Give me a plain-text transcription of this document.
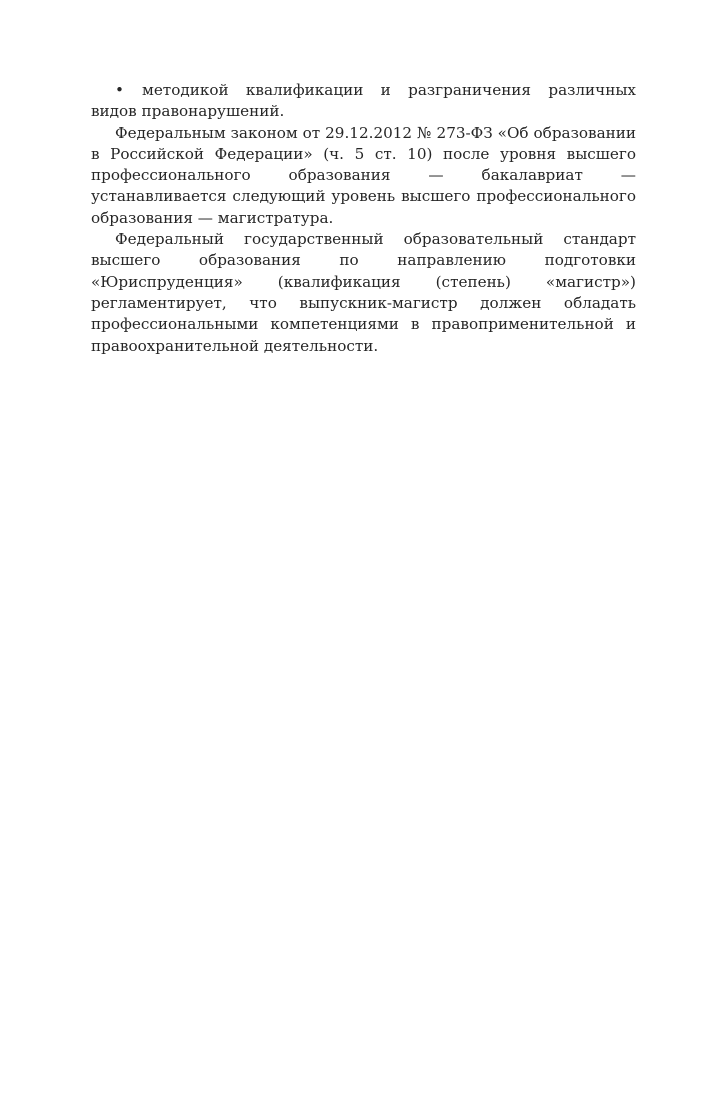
• методикой квалификации и разграничения различных видов правонарушений.

Федеральным законом от 29.12.2012 № 273-ФЗ «Об образовании в Российской Федерации» (ч. 5 ст. 10) после уровня высшего профессионального образования — бакалавриат — устанавливается следующий уровень высшего профессионального образования — магистратура.

Федеральный государственный образовательный стандарт высшего образования по направлению подготовки «Юриспруденция» (квалификация (степень) «магистр») регламентирует, что выпускник-магистр должен обладать профессиональными компетенциями в правоприменительной и правоохранительной деятельности.
